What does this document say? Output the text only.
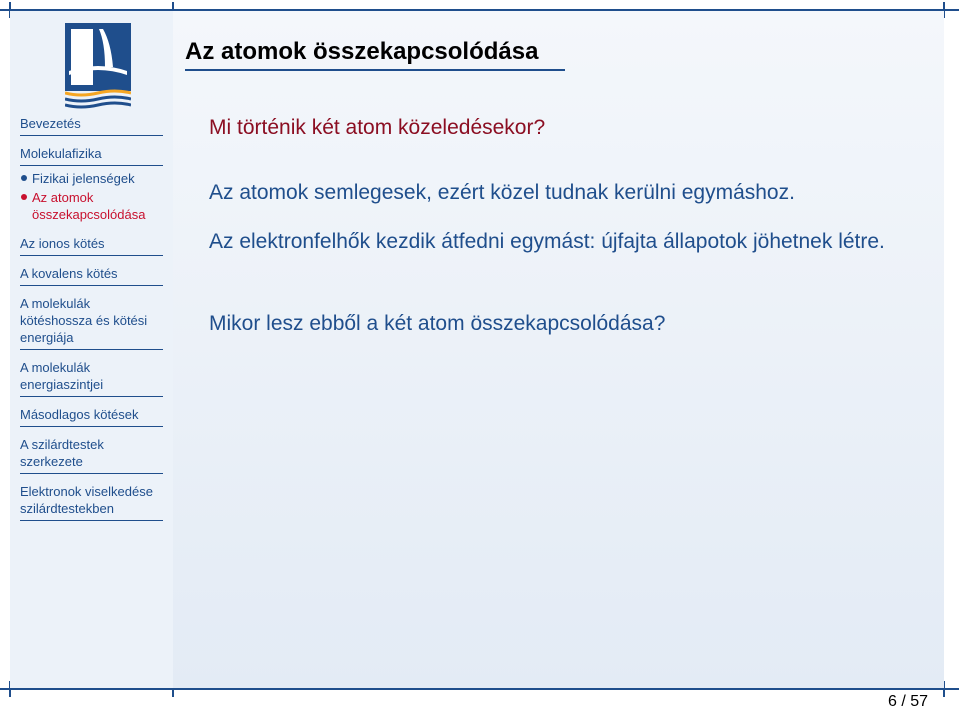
Bevezetés
Molekulafizika
Fizikai jelenségek
Az atomok összekapcsolódása
Az ionos kötés
A kovalens kötés
A molekulák kötéshossza és kötési energiája
A molekulák energiaszintjei
Másodlagos kötések
A szilárdtestek szerkezete
Elektronok viselkedése szilárdtestekben
Az atomok összekapcsolódása

Mi történik két atom közeledésekor?

Az atomok semlegesek, ezért közel tudnak kerülni egymáshoz.

Az elektronfelhők kezdik átfedni egymást: újfajta állapotok jöhetnek létre.

Mikor lesz ebből a két atom összekapcsolódása?

6 / 57
